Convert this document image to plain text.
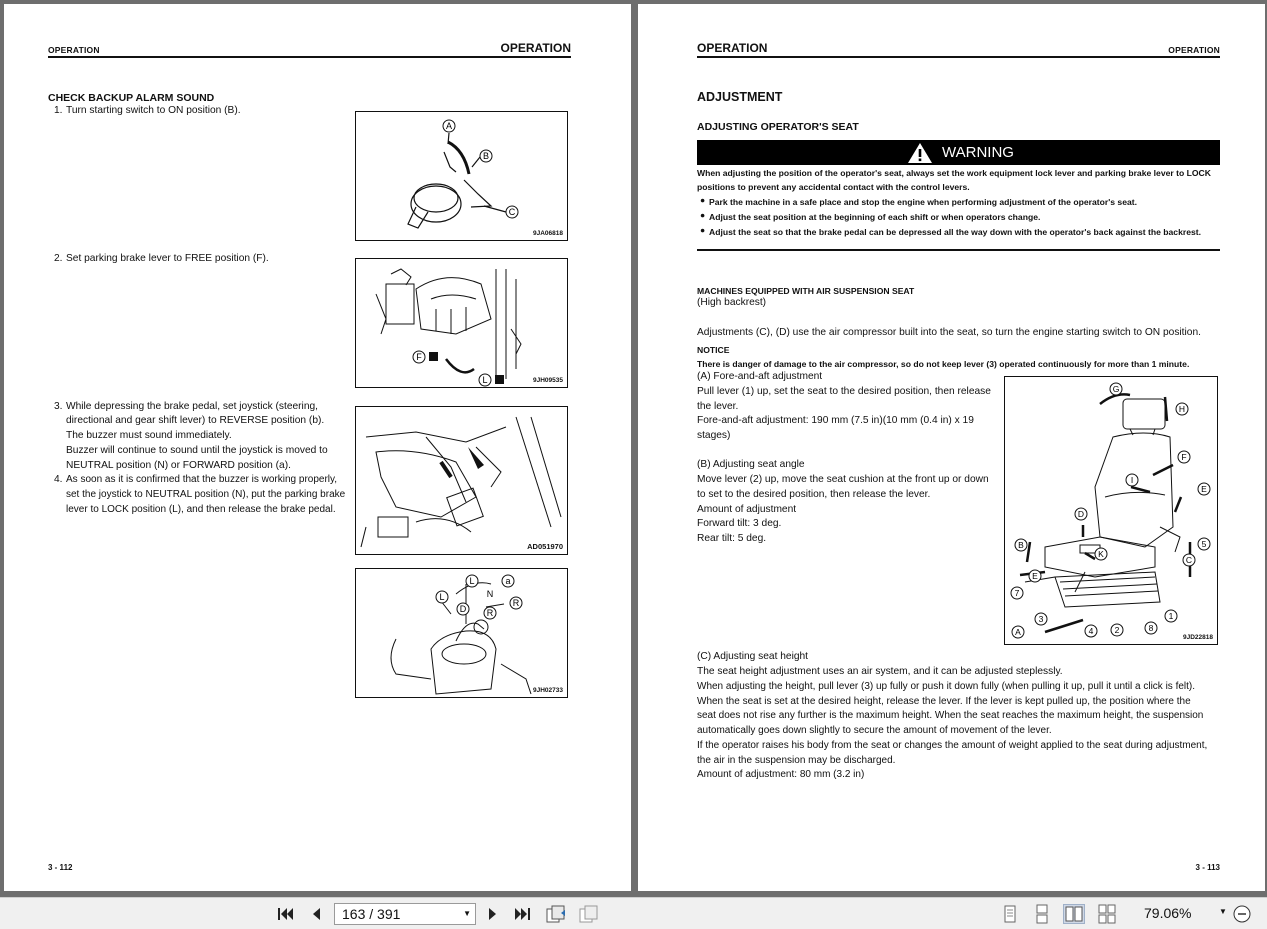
OPERATION	OPERATION
CHECK BACKUP ALARM SOUND
1. Turn starting switch to ON position (B).
2. Set parking brake lever to FREE position (F).
3. While depressing the brake pedal, set joystick (steering,
directional and gear shift lever) to REVERSE position (b).
The buzzer must sound immediately.
Buzzer will continue to sound until the joystick is moved to
NEUTRAL position (N) or FORWARD position (a).
4. As soon as it is confirmed that the buzzer is working properly,
set the joystick to NEUTRAL position (N), put the parking brake
lever to LOCK position (L), and then release the brake pedal.
A
B
C
9JA06818
F
L	9JH09535
AD051970
L	a
N
R
D
L
R
9JH02733
3 - 112
OPERATION	OPERATION
ADJUSTMENT
ADJUSTING OPERATOR'S SEAT
WARNING
When adjusting the position of the operator's seat, always set the work equipment lock lever and parking brake lever to LOCK
positions to prevent any accidental contact with the control levers.
● Park the machine in a safe place and stop the engine when performing adjustment of the operator's seat.
● Adjust the seat position at the beginning of each shift or when operators change.
● Adjust the seat so that the brake pedal can be depressed all the way down with the operator's back against the backrest.
MACHINES EQUIPPED WITH AIR SUSPENSION SEAT
(High backrest)
Adjustments (C), (D) use the air compressor built into the seat, so turn the engine starting switch to ON position.
NOTICE
There is danger of damage to the air compressor, so do not keep lever (3) operated continuously for more than 1 minute.
(A) Fore-and-aft adjustment
Pull lever (1) up, set the seat to the desired position, then release
the lever.
Fore-and-aft adjustment: 190 mm (7.5 in)(10 mm (0.4 in) x 19
stages)
(B) Adjusting seat angle
Move lever (2) up, move the seat cushion at the front up or down
to set to the desired position, then release the lever.
Amount of adjustment
Forward tilt: 3 deg.
Rear tilt: 5 deg.
G
H
F
I
E
D
K
B
C
5
E
7
3
4	2	8
1
A
9JD22818
(C) Adjusting seat height
The seat height adjustment uses an air system, and it can be adjusted steplessly.
When adjusting the height, pull lever (3) up fully or push it down fully (when pulling it up, pull it until a click is felt).
When the seat is set at the desired height, release the lever. If the lever is kept pulled up, the position where the
seat does not rise any further is the maximum height. When the seat reaches the maximum height, the suspension
automatically goes down slightly to secure the amount of movement of the lever.
If the operator raises his body from the seat or changes the amount of weight applied to the seat during adjustment,
the air in the suspension may be discharged.
Amount of adjustment: 80 mm (3.2 in)
3 - 113
163 / 391	▼	79.06%	▼
